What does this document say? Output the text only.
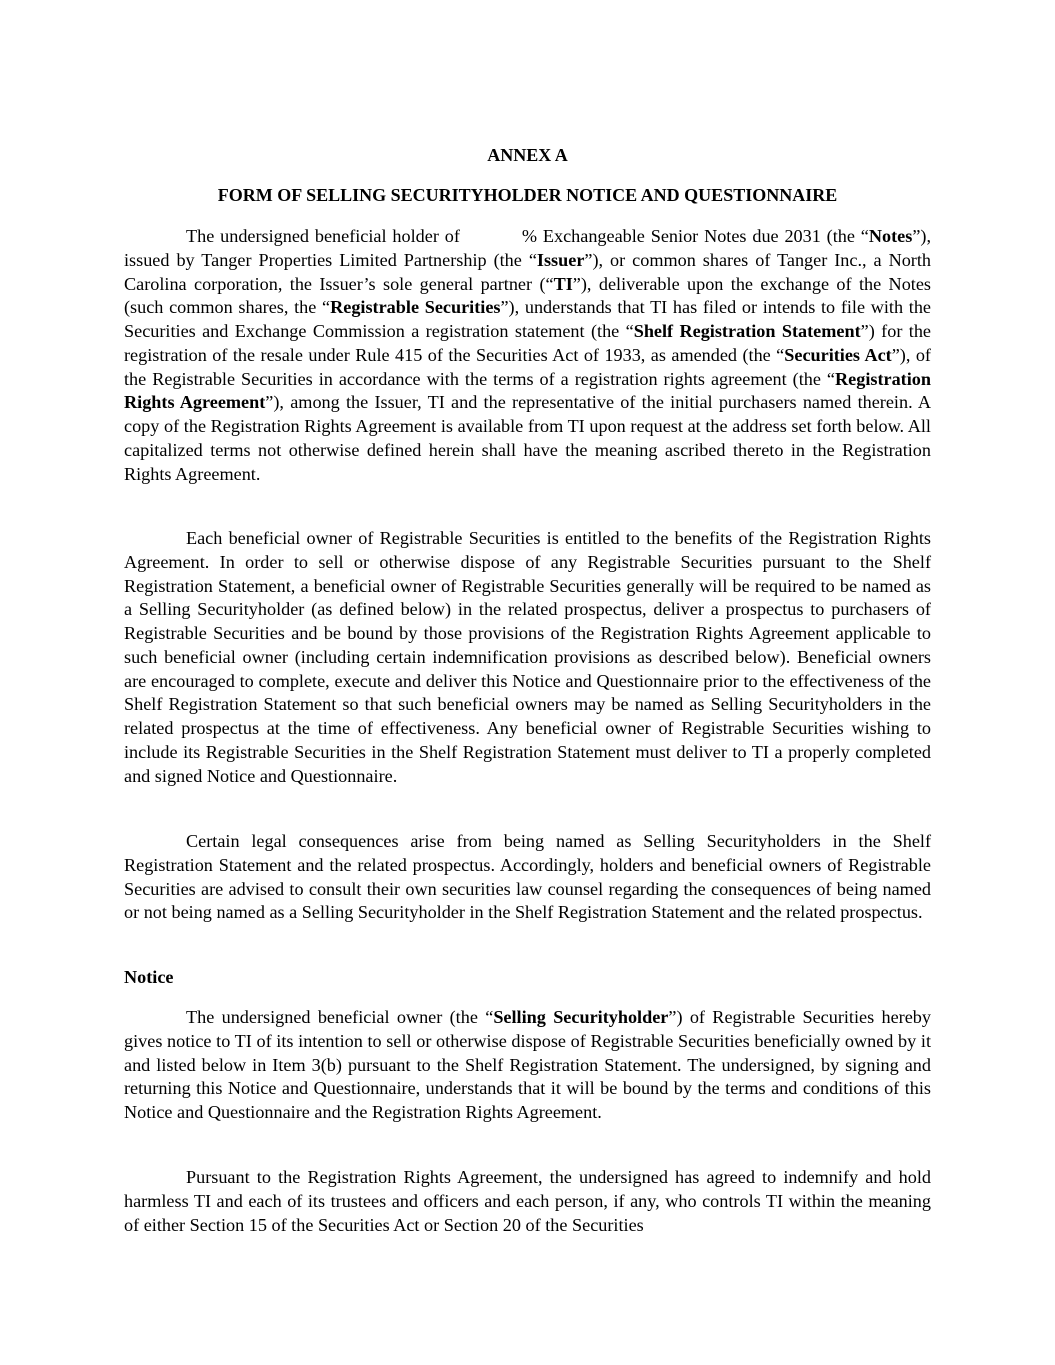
ANNEX A
FORM OF SELLING SECURITYHOLDER NOTICE AND QUESTIONNAIRE

The undersigned beneficial holder of	% Exchangeable Senior Notes due 2031 (the “Notes”), issued by Tanger Properties Limited Partnership (the “Issuer”), or common shares of Tanger Inc., a North Carolina corporation, the Issuer’s sole general partner (“TI”), deliverable upon the exchange of the Notes (such common shares, the “Registrable Securities”), understands that TI has filed or intends to file with the Securities and Exchange Commission a registration statement (the “Shelf Registration Statement”) for the registration of the resale under Rule 415 of the Securities Act of 1933, as amended (the “Securities Act”), of the Registrable Securities in accordance with the terms of a registration rights agreement (the “Registration Rights Agreement”), among the Issuer, TI and the representative of the initial purchasers named therein. A copy of the Registration Rights Agreement is available from TI upon request at the address set forth below. All capitalized terms not otherwise defined herein shall have the meaning ascribed thereto in the Registration Rights Agreement.

Each beneficial owner of Registrable Securities is entitled to the benefits of the Registration Rights Agreement. In order to sell or otherwise dispose of any Registrable Securities pursuant to the Shelf Registration Statement, a beneficial owner of Registrable Securities generally will be required to be named as a Selling Securityholder (as defined below) in the related prospectus, deliver a prospectus to purchasers of Registrable Securities and be bound by those provisions of the Registration Rights Agreement applicable to such beneficial owner (including certain indemnification provisions as described below). Beneficial owners are encouraged to complete, execute and deliver this Notice and Questionnaire prior to the effectiveness of the Shelf Registration Statement so that such beneficial owners may be named as Selling Securityholders in the related prospectus at the time of effectiveness. Any beneficial owner of Registrable Securities wishing to include its Registrable Securities in the Shelf Registration Statement must deliver to TI a properly completed and signed Notice and Questionnaire.

Certain legal consequences arise from being named as Selling Securityholders in the Shelf Registration Statement and the related prospectus. Accordingly, holders and beneficial owners of Registrable Securities are advised to consult their own securities law counsel regarding the consequences of being named or not being named as a Selling Securityholder in the Shelf Registration Statement and the related prospectus.

Notice

The undersigned beneficial owner (the “Selling Securityholder”) of Registrable Securities hereby gives notice to TI of its intention to sell or otherwise dispose of Registrable Securities beneficially owned by it and listed below in Item 3(b) pursuant to the Shelf Registration Statement. The undersigned, by signing and returning this Notice and Questionnaire, understands that it will be bound by the terms and conditions of this Notice and Questionnaire and the Registration Rights Agreement.

Pursuant to the Registration Rights Agreement, the undersigned has agreed to indemnify and hold harmless TI and each of its trustees and officers and each person, if any, who controls TI within the meaning of either Section 15 of the Securities Act or Section 20 of the Securities
